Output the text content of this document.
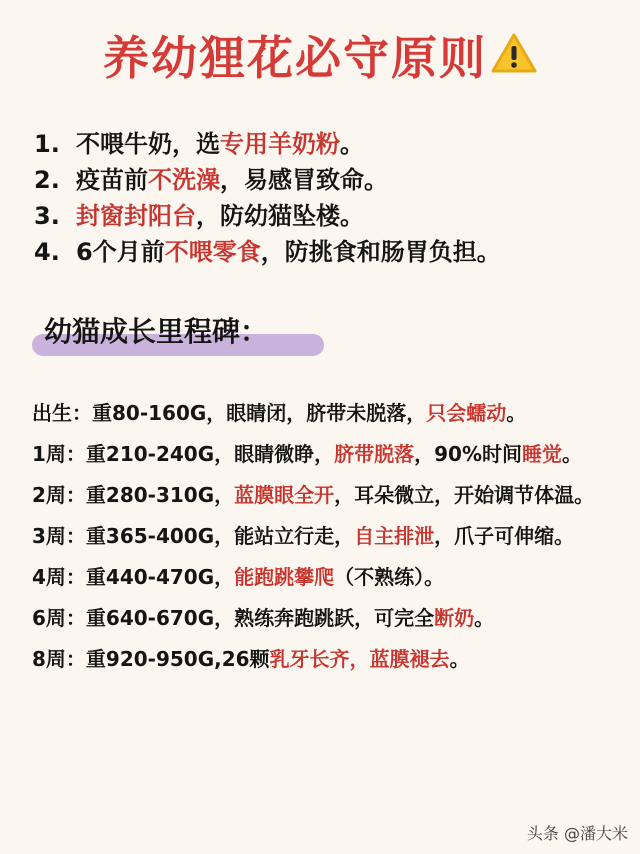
养幼狸花必守原则
1. 不喂牛奶，选专用羊奶粉。
2. 疫苗前不洗澡，易感冒致命。
3. 封窗封阳台，防幼猫坠楼。
4. 6个月前不喂零食，防挑食和肠胃负担。
幼猫成长里程碑：
出生：重80-160G，眼睛闭，脐带未脱落，只会蠕动。
1周：重210-240G，眼睛微睁，脐带脱落，90%时间睡觉。
2周：重280-310G，蓝膜眼全开，耳朵微立，开始调节体温。
3周：重365-400G，能站立行走，自主排泄，爪子可伸缩。
4周：重440-470G，能跑跳攀爬（不熟练）。
6周：重640-670G，熟练奔跑跳跃，可完全断奶。
8周：重920-950G,26颗乳牙长齐，蓝膜褪去。
头条 @潘大米
